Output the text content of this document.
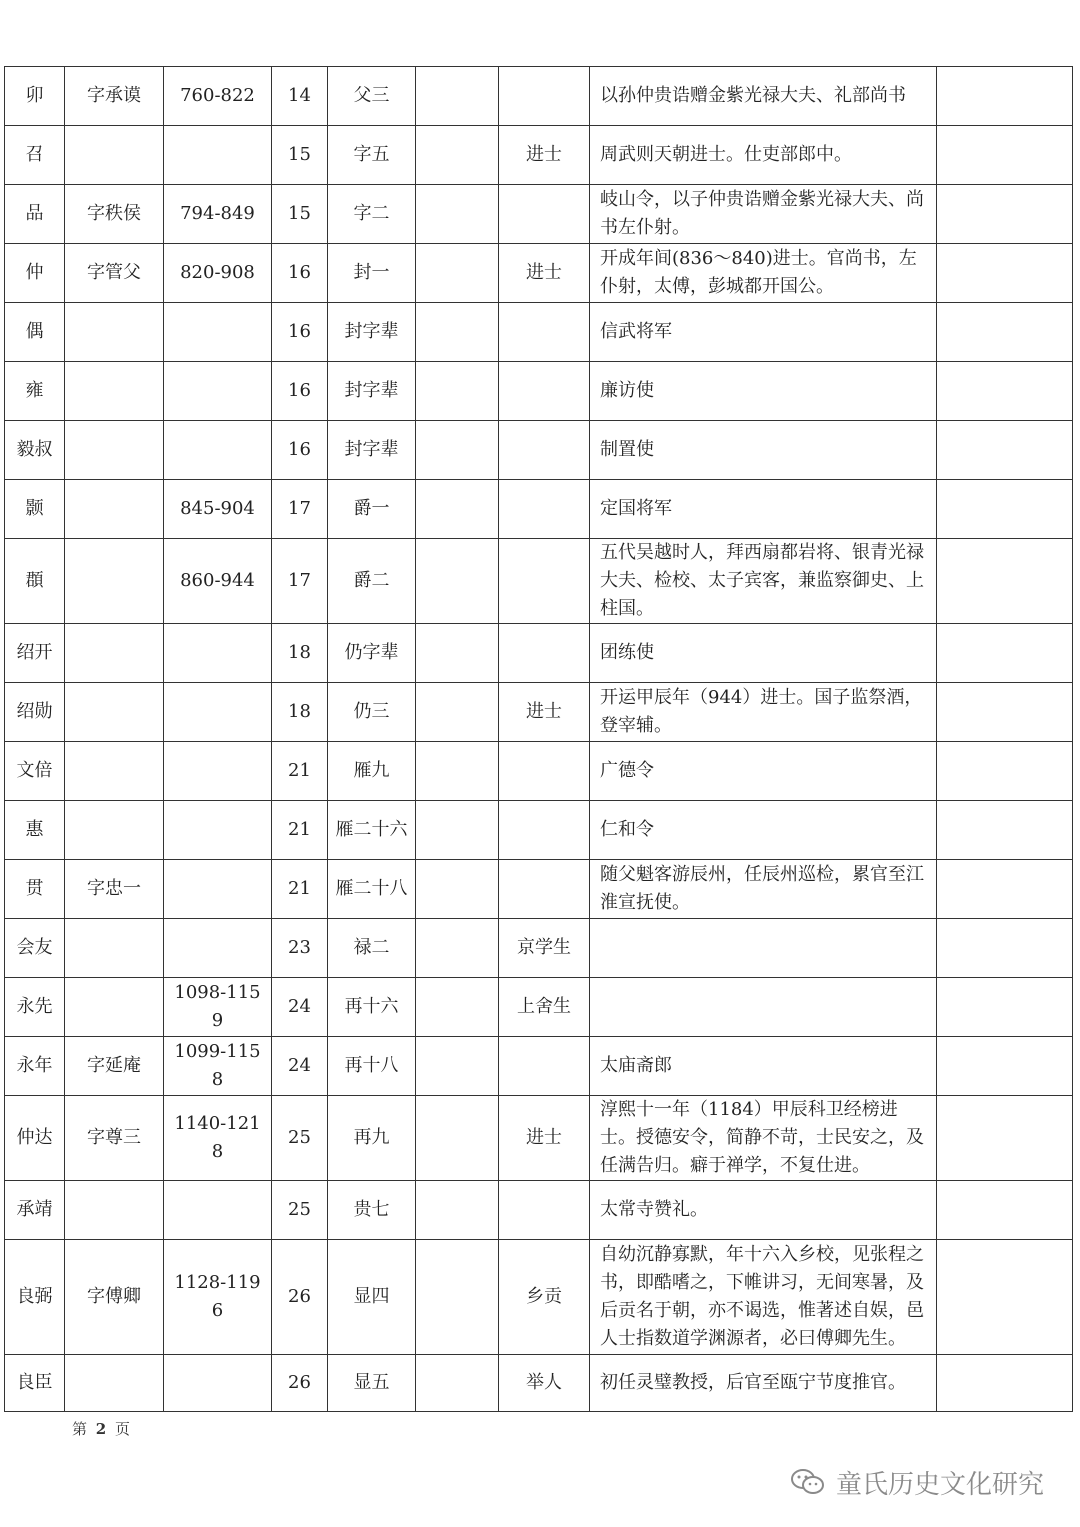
卯	字承谟	760-822	14	父三			以孙仲贵诰赠金紫光禄大夫、礼部尚书	
召			15	字五		进士	周武则天朝进士。仕吏部郎中。	
品	字秩侯	794-849	15	字二			岐山令，以子仲贵诰赠金紫光禄大夫、尚书左仆射。	
仲	字管父	820-908	16	封一		进士	开成年间(836～840)进士。官尚书，左仆射，太傅，彭城都开国公。	
偶			16	封字辈			信武将军	
雍			16	封字辈			廉访使	
毅叔			16	封字辈			制置使	
颢		845-904	17	爵一			定国将军	
頵		860-944	17	爵二			五代吴越时人，拜西扇都岩将、银青光禄大夫、检校、太子宾客，兼监察御史、上柱国。	
绍开			18	仍字辈			团练使	
绍勋			18	仍三		进士	开运甲辰年（944）进士。国子监祭酒，登宰辅。	
文倍			21	雁九			广德令	
惠			21	雁二十六			仁和令	
贯	字忠一		21	雁二十八			随父魁客游辰州，任辰州巡检，累官至江淮宣抚使。	
会友			23	禄二		京学生		
永先		1098-1159	24	再十六		上舍生		
永年	字延庵	1099-1158	24	再十八			太庙斋郎	
仲达	字尊三	1140-1218	25	再九		进士	淳熙十一年（1184）甲辰科卫经榜进士。授德安令，简静不苛，士民安之，及任满告归。癖于禅学，不复仕进。	
承靖			25	贵七			太常寺赞礼。	
良弼	字傅卿	1128-1196	26	显四		乡贡	自幼沉静寡默，年十六入乡校，见张程之书，即酷嗜之，下帷讲习，无间寒暑，及后贡名于朝，亦不谒选，惟著述自娱，邑人士指数道学渊源者，必曰傅卿先生。	
良臣			26	显五		举人	初任灵璧教授，后官至瓯宁节度推官。	
第 2 页
童氏历史文化研究
